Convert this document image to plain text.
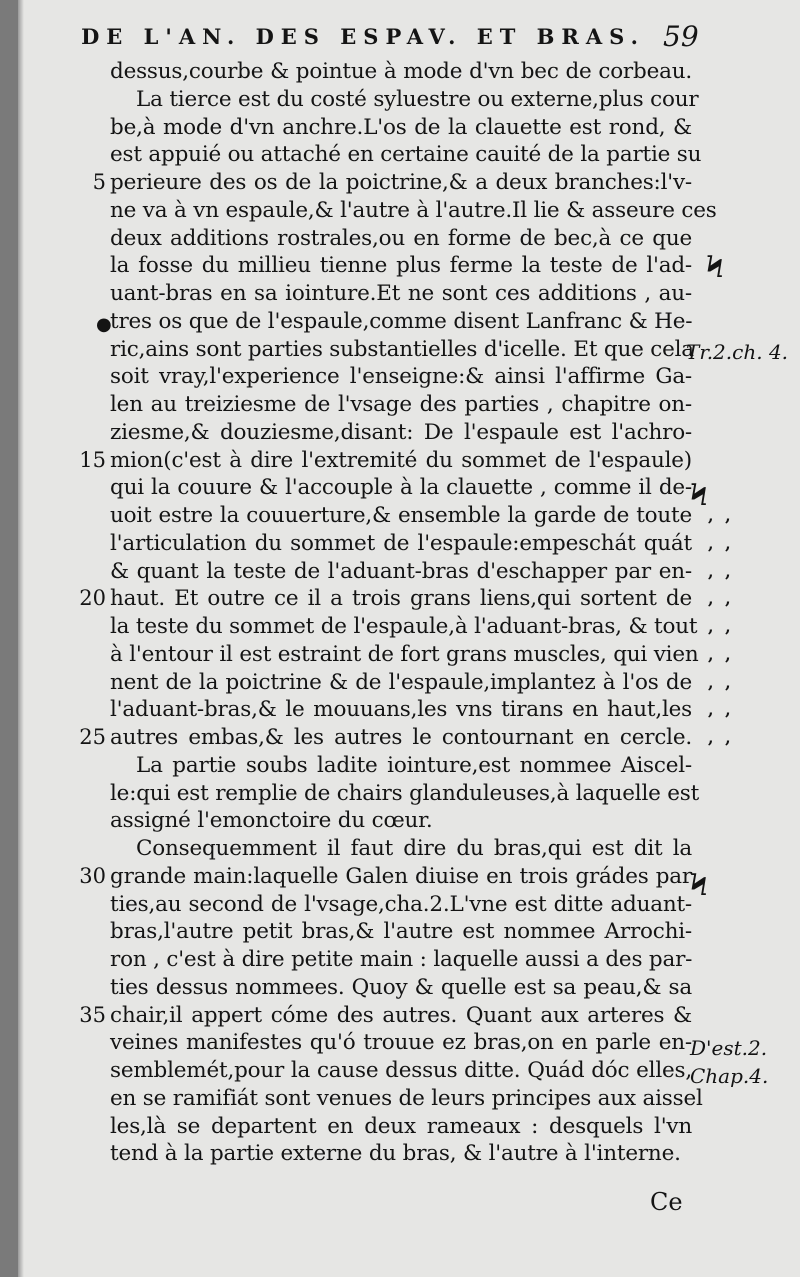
DE L'AN. DES ESPAV. ET BRAS. 59
dessus,courbe & pointue à mode d'vn bec de corbeau.
La tierce est du costé syluestre ou externe,plus cour
be,à mode d'vn anchre.L'os de la clauette est rond, &
est appuié ou attaché en certaine cauité de la partie su
perieure des os de la poictrine,& a deux branches:l'v-
ne va à vn espaule,& l'autre à l'autre.Il lie & asseure ces
deux additions rostrales,ou en forme de bec,à ce que
la fosse du millieu tienne plus ferme la teste de l'ad-
uant-bras en sa iointure.Et ne sont ces additions , au-
tres os que de l'espaule,comme disent Lanfranc & He-
ric,ains sont parties substantielles d'icelle. Et que cela
soit vray,l'experience l'enseigne:& ainsi l'affirme Ga-
len au treiziesme de l'vsage des parties , chapitre on-
ziesme,& douziesme,disant: De l'espaule est l'achro-
mion(c'est à dire l'extremité du sommet de l'espaule)
qui la couure & l'accouple à la clauette , comme il de-
uoit estre la couuerture,& ensemble la garde de toute
l'articulation du sommet de l'espaule:empeschát quát
& quant la teste de l'aduant-bras d'eschapper par en-
haut. Et outre ce il a trois grans liens,qui sortent de
la teste du sommet de l'espaule,à l'aduant-bras, & tout
à l'entour il est estraint de fort grans muscles, qui vien
nent de la poictrine & de l'espaule,implantez à l'os de
l'aduant-bras,& le mouuans,les vns tirans en haut,les
autres embas,& les autres le contournant en cercle.
La partie soubs ladite iointure,est nommee Aiscel-
le:qui est remplie de chairs glanduleuses,à laquelle est
assigné l'emonctoire du cœur.
Consequemment il faut dire du bras,qui est dit la
grande main:laquelle Galen diuise en trois grádes par
ties,au second de l'vsage,cha.2.L'vne est ditte aduant-
bras,l'autre petit bras,& l'autre est nommee Arrochi-
ron , c'est à dire petite main : laquelle aussi a des par-
ties dessus nommees. Quoy & quelle est sa peau,& sa
chair,il appert cóme des autres. Quant aux arteres &
veines manifestes qu'ó trouue ez bras,on en parle en-
semblemét,pour la cause dessus ditte. Quád dóc elles,
en se ramifiát sont venues de leurs principes aux aissel
les,là se departent en deux rameaux : desquels l'vn
tend à la partie externe du bras, & l'autre à l'interne.
5
15
20
25
30
35
Tr.2.ch. 4.
D'est.2.
Chap.4.
, ,
, ,
, ,
, ,
, ,
, ,
, ,
, ,
, ,
Ϟ
Ϟ
Ϟ
●
Ce
